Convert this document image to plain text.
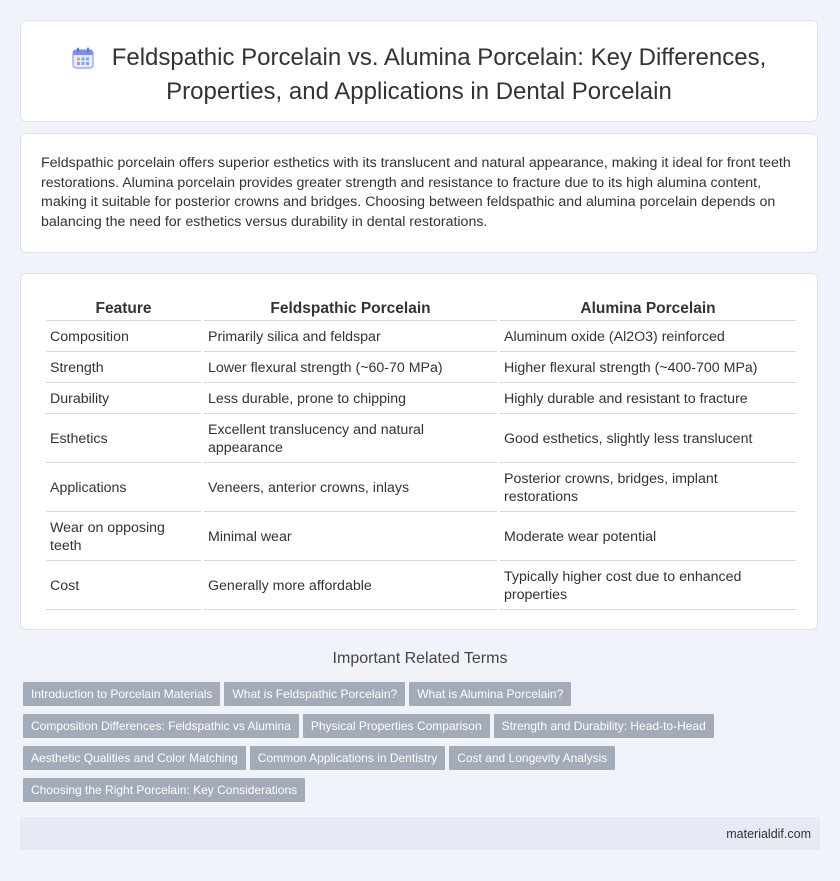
Feldspathic Porcelain vs. Alumina Porcelain: Key Differences, Properties, and Applications in Dental Porcelain

Feldspathic porcelain offers superior esthetics with its translucent and natural appearance, making it ideal for front teeth restorations. Alumina porcelain provides greater strength and resistance to fracture due to its high alumina content, making it suitable for posterior crowns and bridges. Choosing between feldspathic and alumina porcelain depends on balancing the need for esthetics versus durability in dental restorations.

Feature	Feldspathic Porcelain	Alumina Porcelain
Composition	Primarily silica and feldspar	Aluminum oxide (Al2O3) reinforced
Strength	Lower flexural strength (~60-70 MPa)	Higher flexural strength (~400-700 MPa)
Durability	Less durable, prone to chipping	Highly durable and resistant to fracture
Esthetics	Excellent translucency and natural appearance	Good esthetics, slightly less translucent
Applications	Veneers, anterior crowns, inlays	Posterior crowns, bridges, implant restorations
Wear on opposing teeth	Minimal wear	Moderate wear potential
Cost	Generally more affordable	Typically higher cost due to enhanced properties
Important Related Terms
Introduction to Porcelain Materials What is Feldspathic Porcelain? What is Alumina Porcelain?
Composition Differences: Feldspathic vs Alumina Physical Properties Comparison Strength and Durability: Head-to-Head
Aesthetic Qualities and Color Matching Common Applications in Dentistry Cost and Longevity Analysis
Choosing the Right Porcelain: Key Considerations
materialdif.com
